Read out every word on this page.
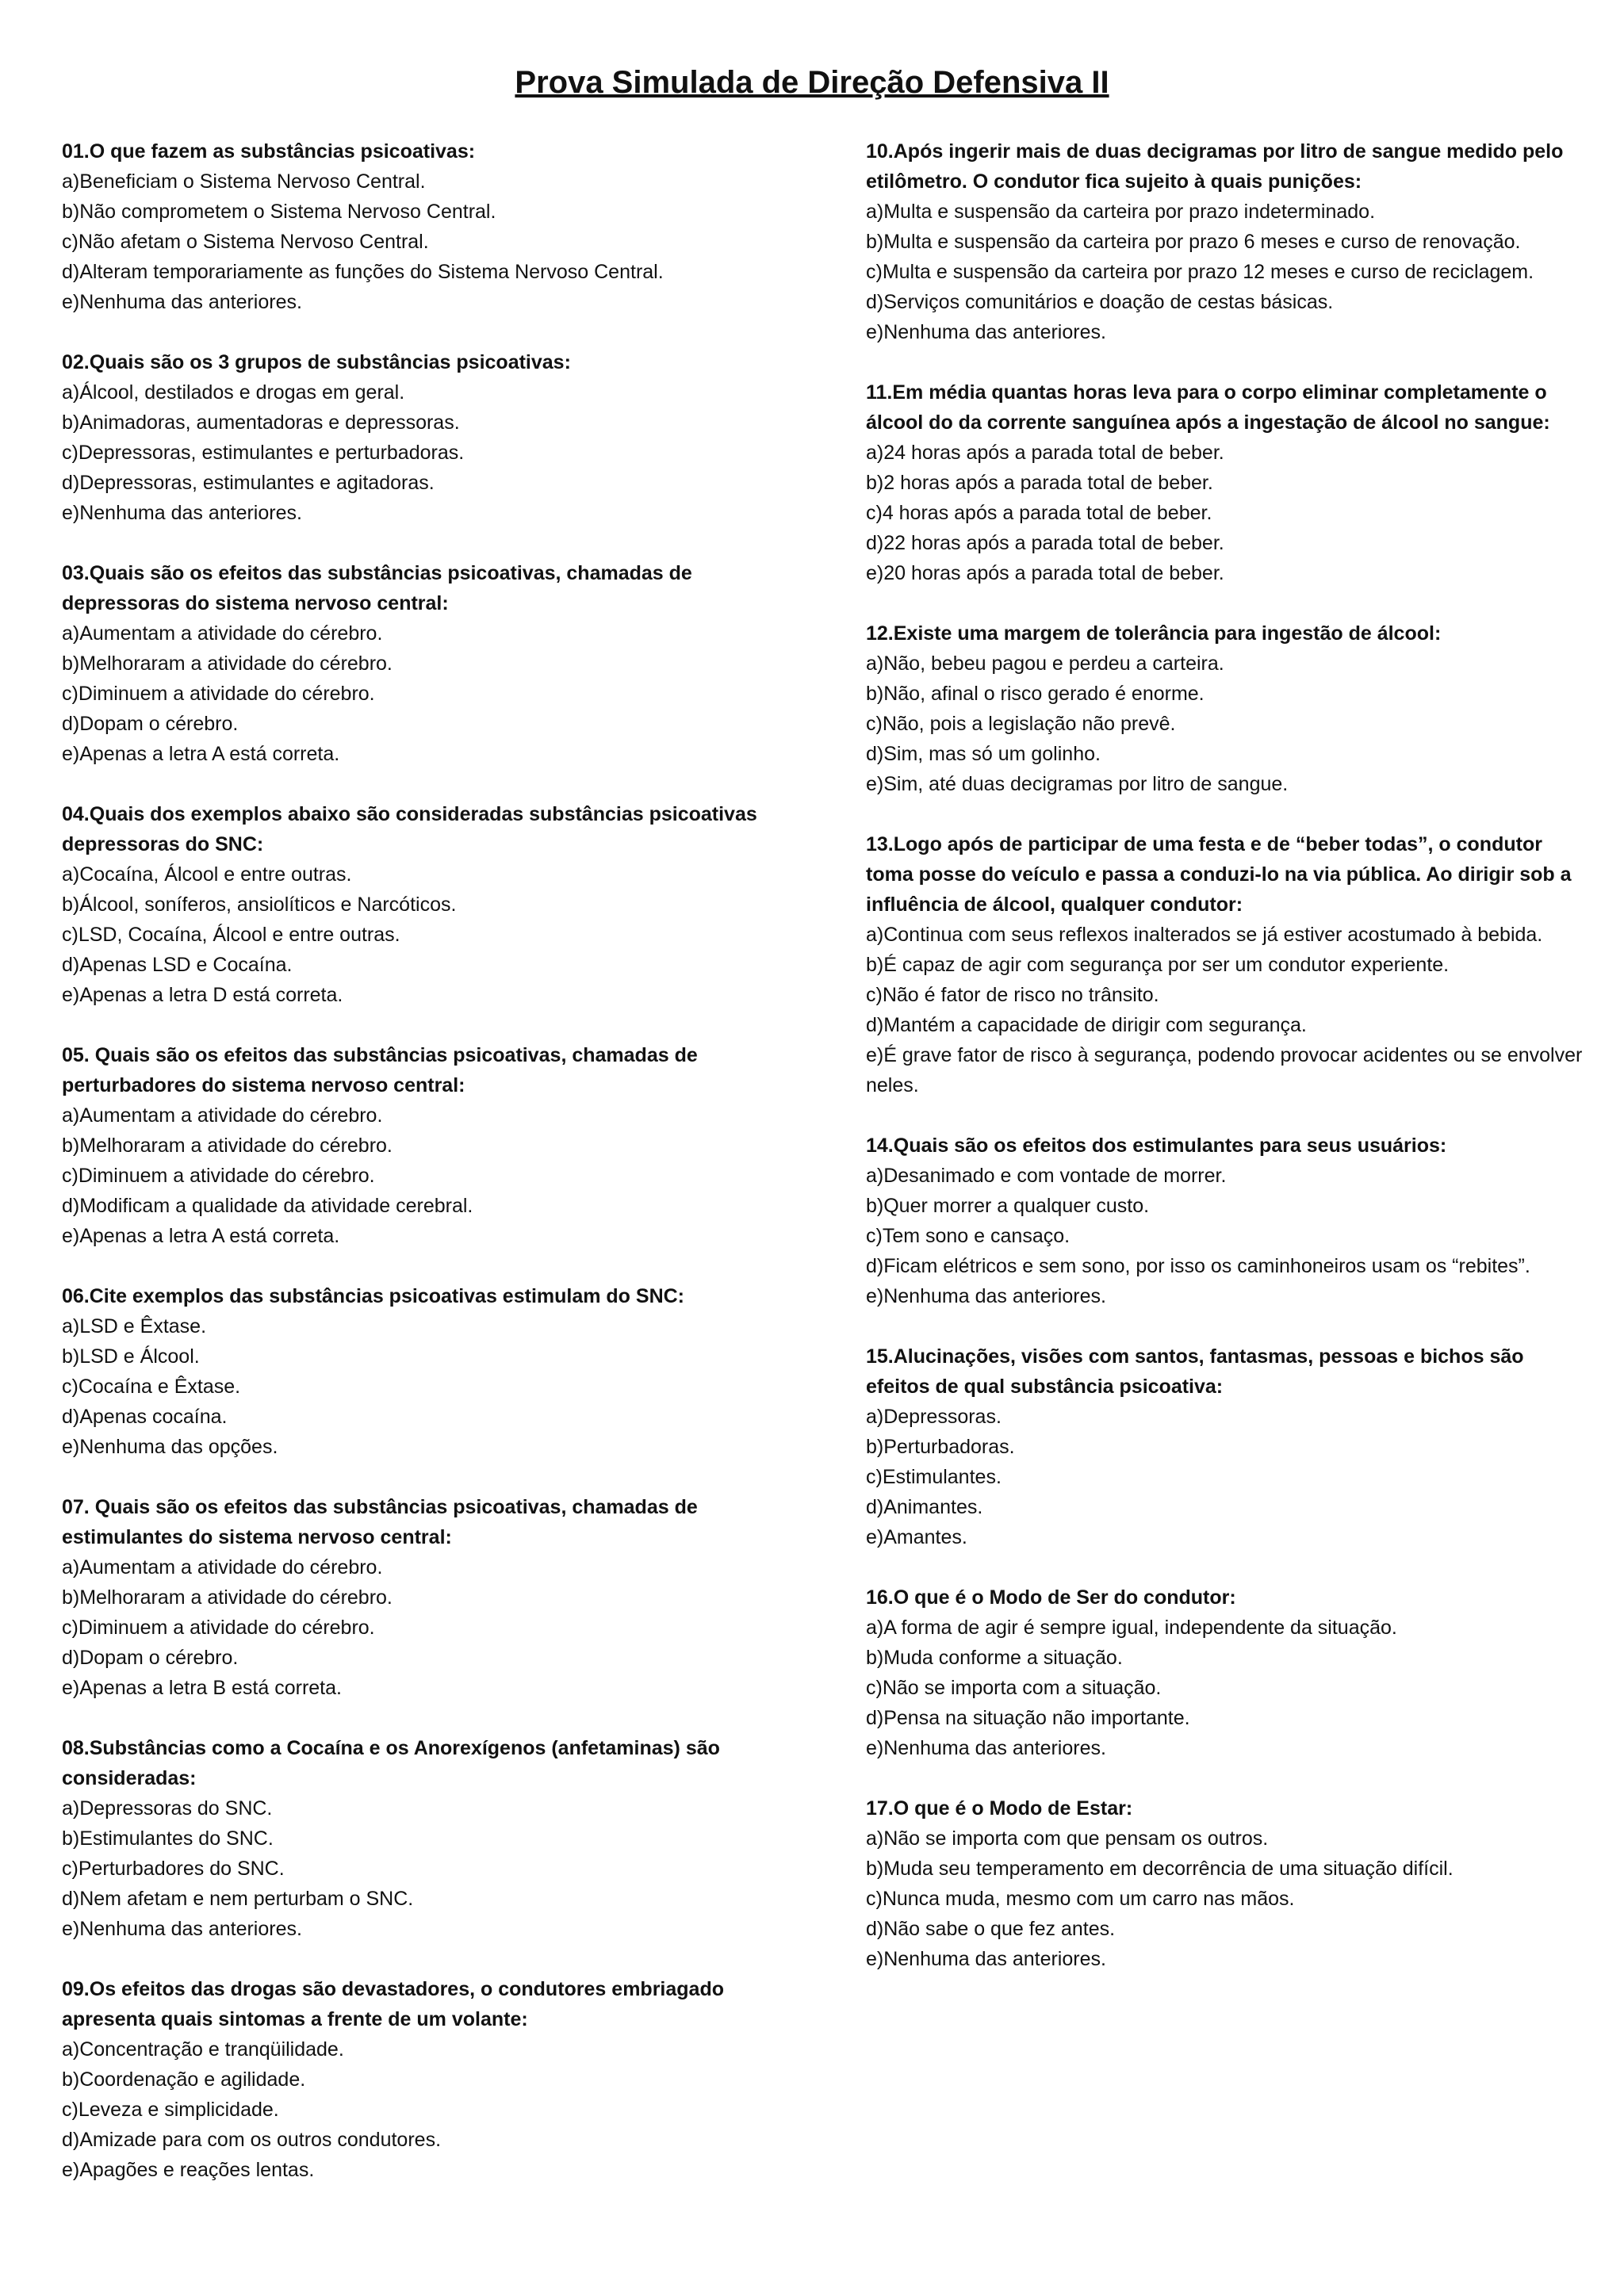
Prova Simulada de Direção Defensiva II

01.O que fazem as substâncias psicoativas:

a)Beneficiam o Sistema Nervoso Central.
b)Não comprometem o Sistema Nervoso Central.
c)Não afetam o Sistema Nervoso Central.
d)Alteram temporariamente as funções do Sistema Nervoso Central.
e)Nenhuma das anteriores.

02.Quais são os 3 grupos de substâncias psicoativas:

a)Álcool, destilados e drogas em geral.
b)Animadoras, aumentadoras e depressoras.
c)Depressoras, estimulantes e perturbadoras.
d)Depressoras, estimulantes e agitadoras.
e)Nenhuma das anteriores.

03.Quais são os efeitos das substâncias psicoativas, chamadas de depressoras do sistema nervoso central:

a)Aumentam a atividade do cérebro.
b)Melhoraram a atividade do cérebro.
c)Diminuem a atividade do cérebro.
d)Dopam o cérebro.
e)Apenas a letra A está correta.

04.Quais dos exemplos abaixo são consideradas substâncias psicoativas depressoras do SNC:

a)Cocaína, Álcool e entre outras.
b)Álcool, soníferos, ansiolíticos e Narcóticos.
c)LSD, Cocaína, Álcool e entre outras.
d)Apenas LSD e Cocaína.
e)Apenas a letra D está correta.

05. Quais são os efeitos das substâncias psicoativas, chamadas de perturbadores do sistema nervoso central:

a)Aumentam a atividade do cérebro.
b)Melhoraram a atividade do cérebro.
c)Diminuem a atividade do cérebro.
d)Modificam a qualidade da atividade cerebral.
e)Apenas a letra A está correta.

06.Cite exemplos das substâncias psicoativas estimulam do SNC:

a)LSD e Êxtase.
b)LSD e Álcool.
c)Cocaína e Êxtase.
d)Apenas cocaína.
e)Nenhuma das opções.

07. Quais são os efeitos das substâncias psicoativas, chamadas de estimulantes do sistema nervoso central:

a)Aumentam a atividade do cérebro.
b)Melhoraram a atividade do cérebro.
c)Diminuem a atividade do cérebro.
d)Dopam o cérebro.
e)Apenas a letra B está correta.

08.Substâncias como a Cocaína e os Anorexígenos (anfetaminas) são consideradas:

a)Depressoras do SNC.
b)Estimulantes do SNC.
c)Perturbadores do SNC.
d)Nem afetam e nem perturbam o SNC.
e)Nenhuma das anteriores.

09.Os efeitos das drogas são devastadores, o condutores embriagado apresenta quais sintomas a frente de um volante:

a)Concentração e tranqüilidade.
b)Coordenação e agilidade.
c)Leveza e simplicidade.
d)Amizade para com os outros condutores.
e)Apagões e reações lentas.

10.Após ingerir mais de duas decigramas por litro de sangue medido pelo etilômetro. O condutor fica sujeito à quais punições:

a)Multa e suspensão da carteira por prazo indeterminado.
b)Multa e suspensão da carteira por prazo 6 meses e curso de renovação.
c)Multa e suspensão da carteira por prazo 12 meses e curso de reciclagem.
d)Serviços comunitários e doação de cestas básicas.
e)Nenhuma das anteriores.

11.Em média quantas horas leva para o corpo eliminar completamente o álcool do da corrente sanguínea após a ingestação de álcool no sangue:

a)24 horas após a parada total de beber.
b)2 horas após a parada total de beber.
c)4 horas após a parada total de beber.
d)22 horas após a parada total de beber.
e)20 horas após a parada total de beber.

12.Existe uma margem de tolerância para ingestão de álcool:

a)Não, bebeu pagou e perdeu a carteira.
b)Não, afinal o risco gerado é enorme.
c)Não, pois a legislação não prevê.
d)Sim, mas só um golinho.
e)Sim, até duas decigramas por litro de sangue.

13.Logo após de participar de uma festa e de “beber todas”, o condutor toma posse do veículo e passa a conduzi-lo na via pública. Ao dirigir sob a influência de álcool, qualquer condutor:

a)Continua com seus reflexos inalterados se já estiver acostumado à bebida.
b)É capaz de agir com segurança por ser um condutor experiente.
c)Não é fator de risco no trânsito.
d)Mantém a capacidade de dirigir com segurança.
e)É grave fator de risco à segurança, podendo provocar acidentes ou se envolver neles.

14.Quais são os efeitos dos estimulantes para seus usuários:

a)Desanimado e com vontade de morrer.
b)Quer morrer a qualquer custo.
c)Tem sono e cansaço.
d)Ficam elétricos e sem sono, por isso os caminhoneiros usam os “rebites”.
e)Nenhuma das anteriores.

15.Alucinações, visões com santos, fantasmas, pessoas e bichos são efeitos de qual substância psicoativa:

a)Depressoras.
b)Perturbadoras.
c)Estimulantes.
d)Animantes.
e)Amantes.

16.O que é o Modo de Ser do condutor:

a)A forma de agir é sempre igual, independente da situação.
b)Muda conforme a situação.
c)Não se importa com a situação.
d)Pensa na situação não importante.
e)Nenhuma das anteriores.

17.O que é o Modo de Estar:

a)Não se importa com que pensam os outros.
b)Muda seu temperamento em decorrência de uma situação difícil.
c)Nunca muda, mesmo com um carro nas mãos.
d)Não sabe o que fez antes.
e)Nenhuma das anteriores.
